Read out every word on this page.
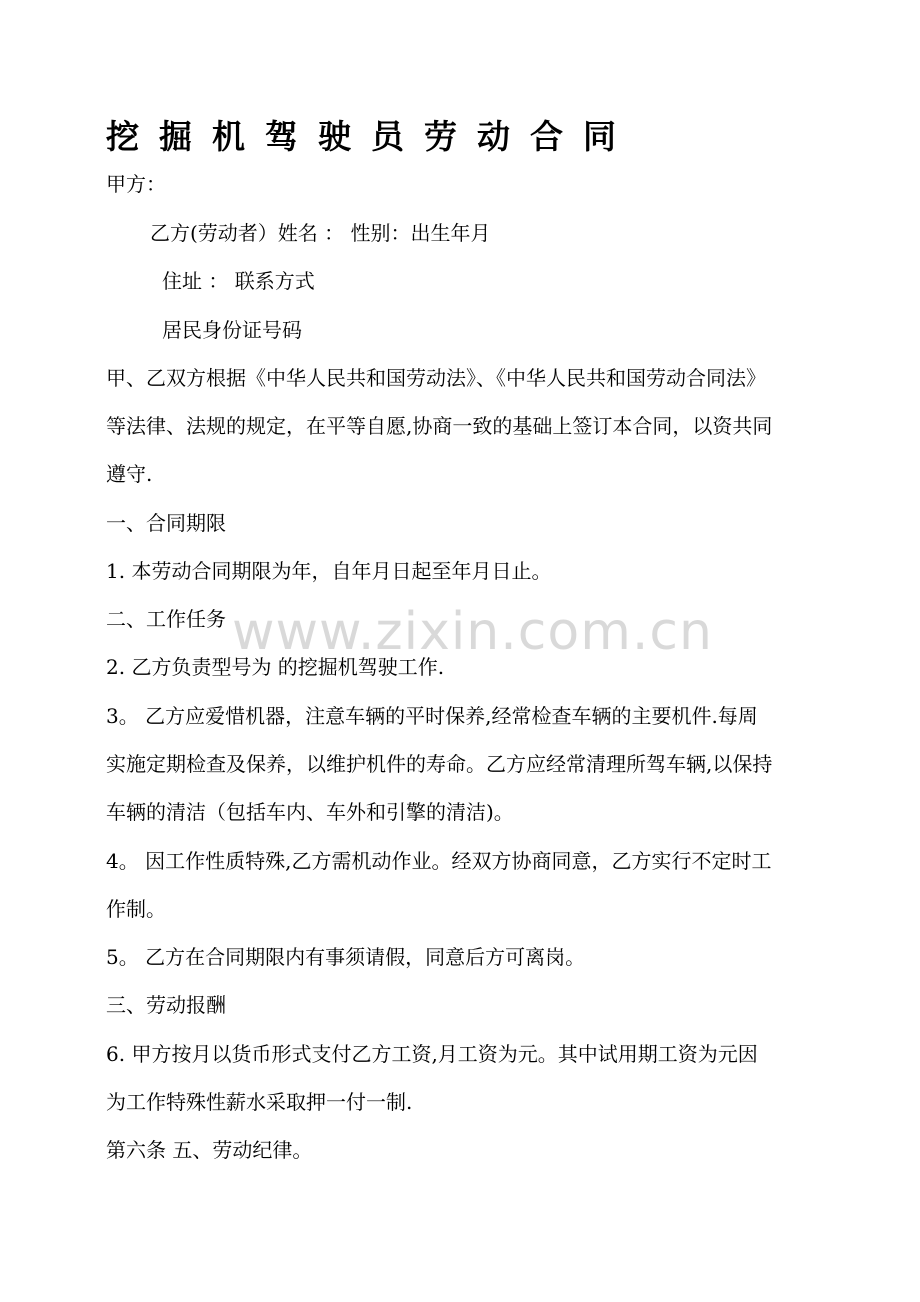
挖掘机驾驶员劳动合同
甲方：
乙方(劳动者）姓名 ： 性别：出生年月
住址 ： 联系方式
居民身份证号码
甲、乙双方根据《中华人民共和国劳动法》、《中华人民共和国劳动合同法》
等法律、法规的规定，在平等自愿,协商一致的基础上签订本合同，以资共同
遵守.
一、合同期限
1. 本劳动合同期限为年，自年月日起至年月日止。
二、工作任务
2. 乙方负责型号为 的挖掘机驾驶工作.
3。 乙方应爱惜机器，注意车辆的平时保养,经常检查车辆的主要机件.每周
实施定期检查及保养，以维护机件的寿命。乙方应经常清理所驾车辆,以保持
车辆的清洁（包括车内、车外和引擎的清洁)。
4。 因工作性质特殊,乙方需机动作业。经双方协商同意，乙方实行不定时工
作制。
5。 乙方在合同期限内有事须请假，同意后方可离岗。
三、劳动报酬
6. 甲方按月以货币形式支付乙方工资,月工资为元。其中试用期工资为元因
为工作特殊性薪水采取押一付一制.
第六条 五、劳动纪律。
www.zixin.com.cn
